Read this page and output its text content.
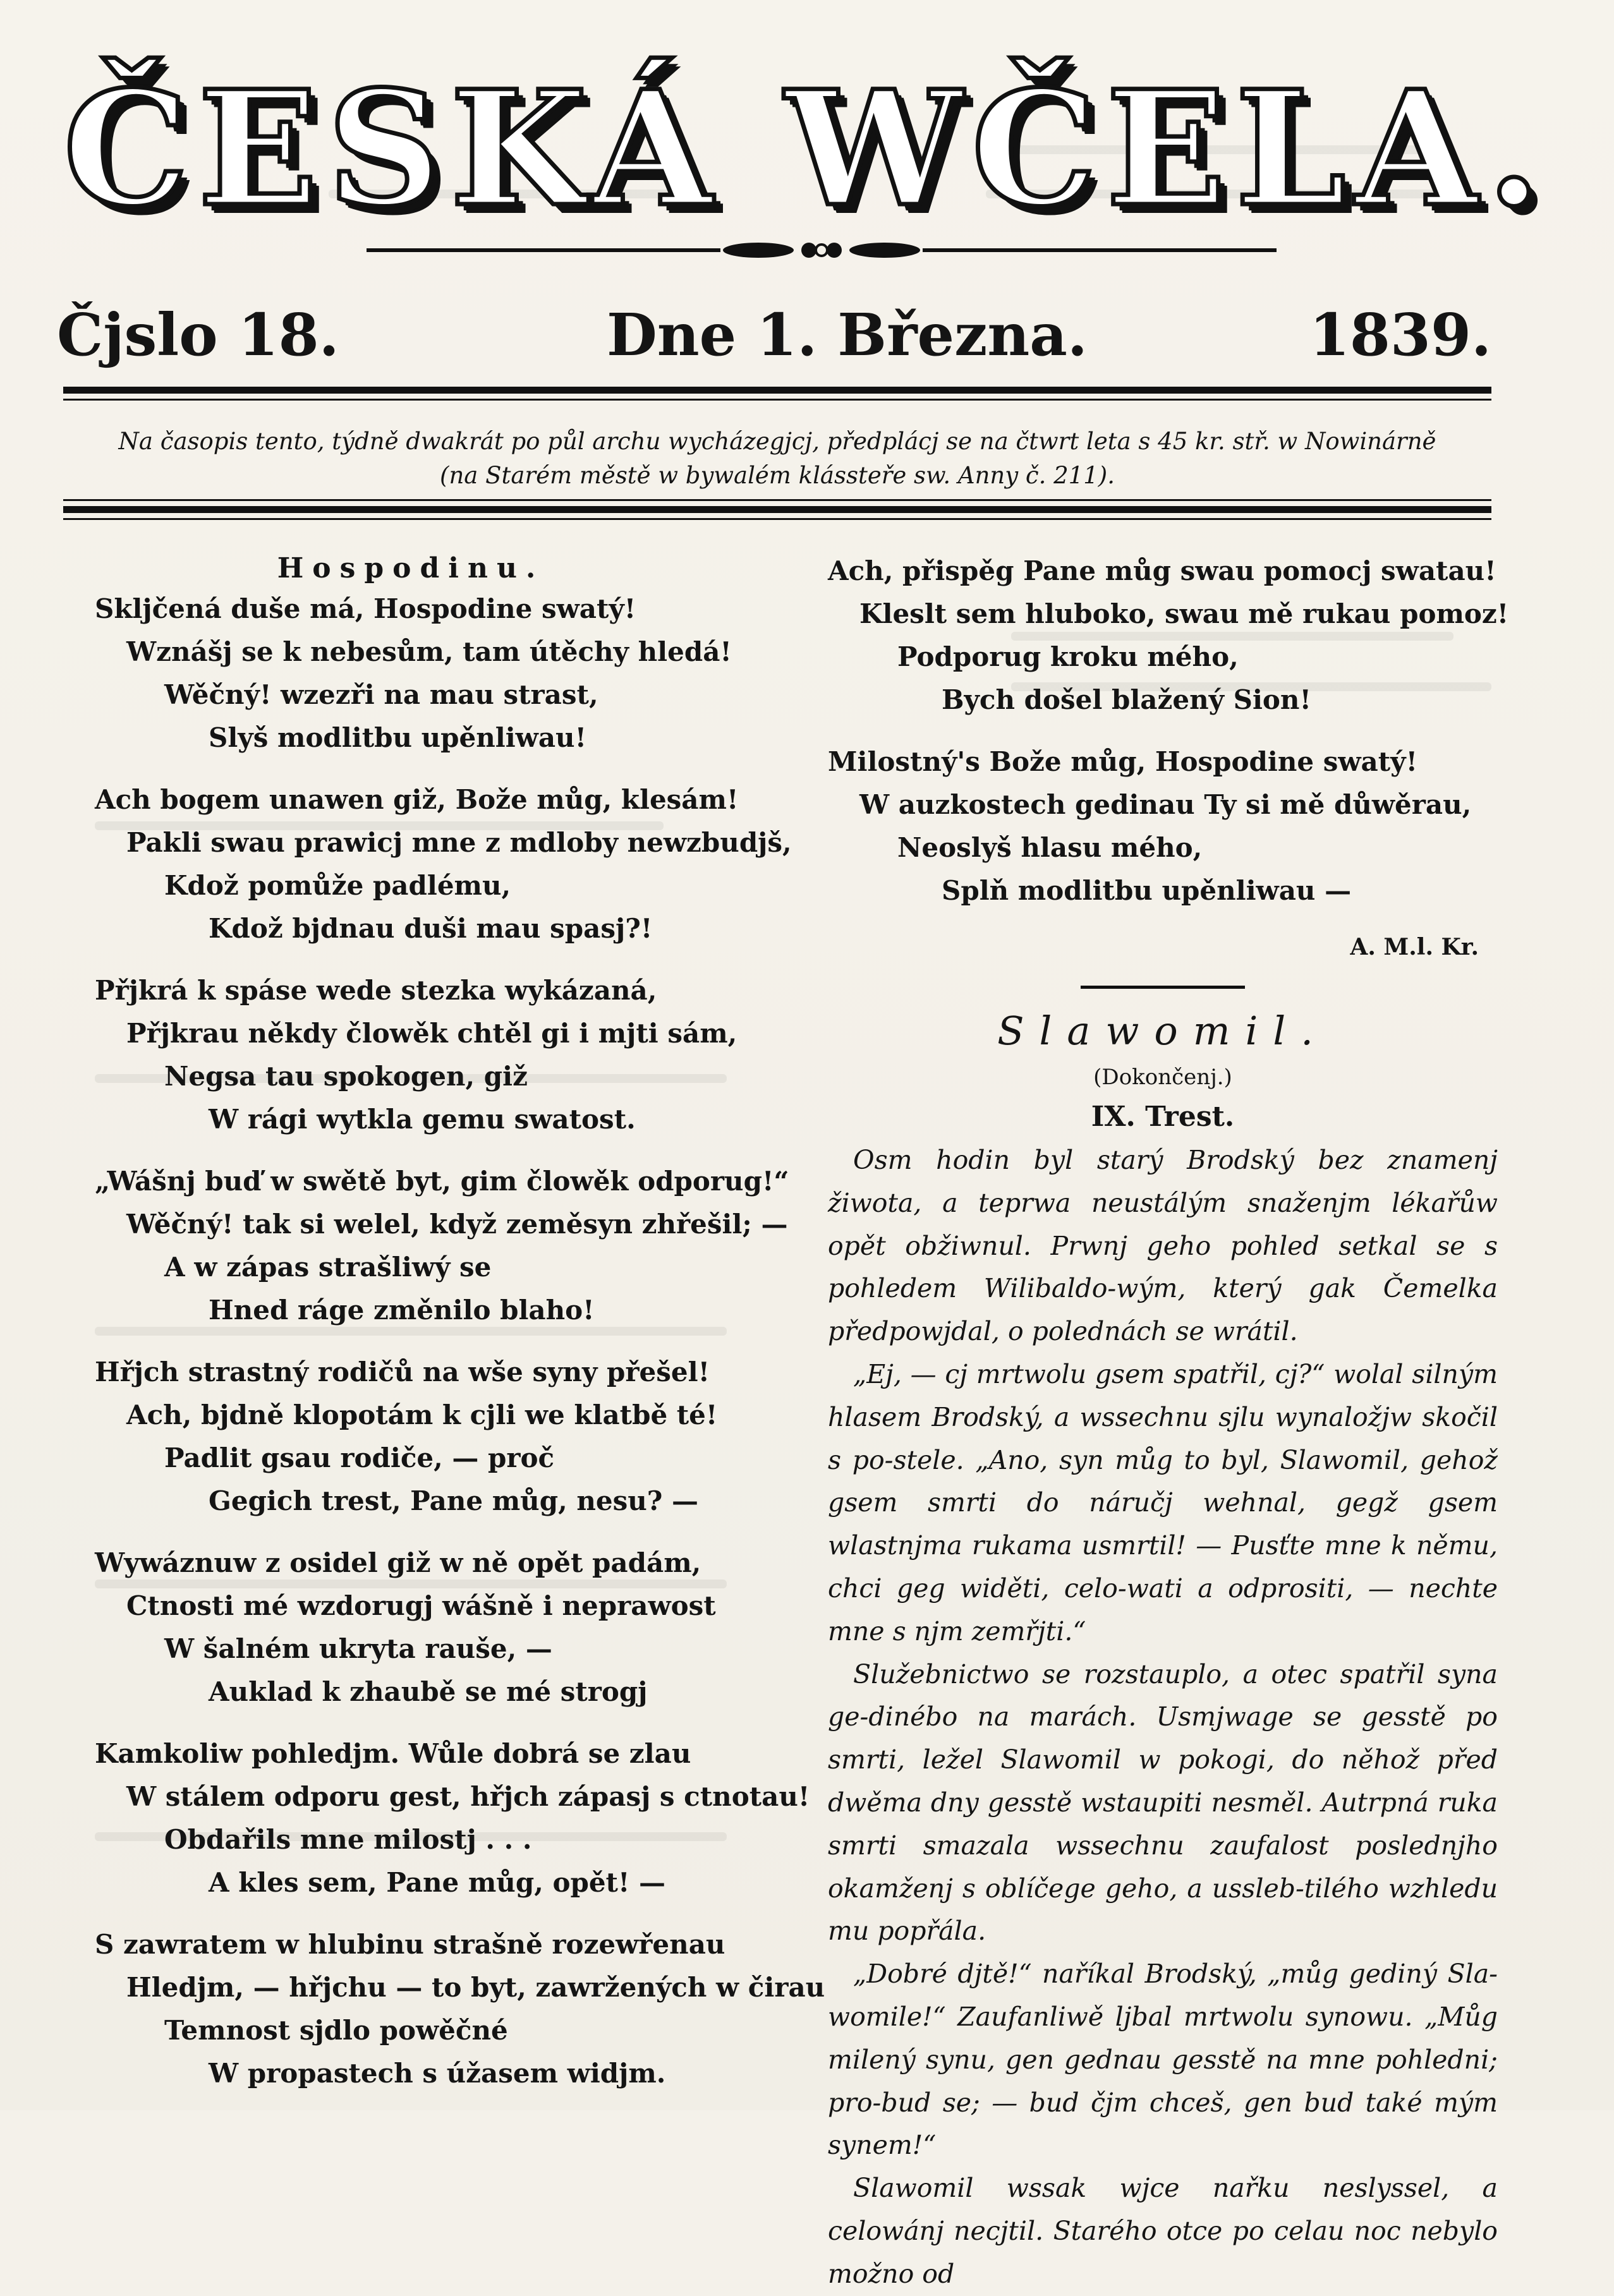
ČESKÁ WČELA.
Čjslo 18.	Dne 1. Března.	1839.
Na časopis tento, týdně dwakrát po půl archu wycházegjcj, předplácj se na čtwrt leta s 45 kr. stř. w Nowinárně
(na Starém městě w bywalém klássteře sw. Anny č. 211).
Hospodinu.
Skljčená duše má, Hospodine swatý!
Wznášj se k nebesům, tam útěchy hledá!
Wěčný! wzezři na mau strast,
Slyš modlitbu upěnliwau!
Ach bogem unawen giž, Bože můg, klesám!
Pakli swau prawicj mne z mdloby newzbudjš,
Kdož pomůže padlému,
Kdož bjdnau duši mau spasj?!
Přjkrá k spáse wede stezka wykázaná,
Přjkrau někdy člowěk chtěl gi i mjti sám,
Negsa tau spokogen, giž
W rági wytkla gemu swatost.
„Wášnj buď w swětě byt, gim člowěk odporug!“
Wěčný! tak si welel, když zeměsyn zhřešil; —
A w zápas strašliwý se
Hned ráge změnilo blaho!
Hřjch strastný rodičů na wše syny přešel!
Ach, bjdně klopotám k cjli we klatbě té!
Padlit gsau rodiče, — proč
Gegich trest, Pane můg, nesu? —
Wywáznuw z osidel giž w ně opět padám,
Ctnosti mé wzdorugj wášně i neprawost
W šalném ukryta rauše, —
Auklad k zhaubě se mé strogj
Kamkoliw pohledjm. Wůle dobrá se zlau
W stálem odporu gest, hřjch zápasj s ctnotau!
Obdařils mne milostj . . .
A kles sem, Pane můg, opět! —
S zawratem w hlubinu strašně rozewřenau
Hledjm, — hřjchu — to byt, zawržených w čirau
Temnost sjdlo powěčné
W propastech s úžasem widjm.
Ach, přispěg Pane můg swau pomocj swatau!
Kleslt sem hluboko, swau mě rukau pomoz!
Podporug kroku mého,
Bych došel blažený Sion!
Milostný's Bože můg, Hospodine swatý!
W auzkostech gedinau Ty si mě důwěrau,
Neoslyš hlasu mého,
Splň modlitbu upěnliwau —
A. M.l. Kr.
Slawomil.
(Dokončenj.)
IX. Trest.

Osm hodin byl starý Brodský bez znamenj žiwota, a teprwa neustálým snaženjm lékařůw opět obžiwnul. Prwnj geho pohled setkal se s pohledem Wilibaldo-wým, který gak Čemelka předpowjdal, o polednách se wrátil.

„Ej, — cj mrtwolu gsem spatřil, cj?“ wolal silným hlasem Brodský, a wssechnu sjlu wynaložjw skočil s po-stele. „Ano, syn můg to byl, Slawomil, gehož gsem smrti do náručj wehnal, gegž gsem wlastnjma rukama usmrtil! — Pusťte mne k němu, chci geg widěti, celo-wati a odprositi, — nechte mne s njm zemřjti.“

Služebnictwo se rozstauplo, a otec spatřil syna ge-dinébo na marách. Usmjwage se gesstě po smrti, ležel Slawomil w pokogi, do něhož před dwěma dny gesstě wstaupiti nesměl. Autrpná ruka smrti smazala wssechnu zaufalost poslednjho okamženj s oblíčege geho, a ussleb-tilého wzhledu mu popřála.

„Dobré djtě!“ naříkal Brodský, „můg gediný Sla-womile!“ Zaufanliwě ljbal mrtwolu synowu. „Můg milený synu, gen gednau gesstě na mne pohledni; pro-bud se; — bud čjm chceš, gen bud také mým synem!“

Slawomil wssak wjce nařku neslyssel, a celowánj necjtil. Starého otce po celau noc nebylo možno od
